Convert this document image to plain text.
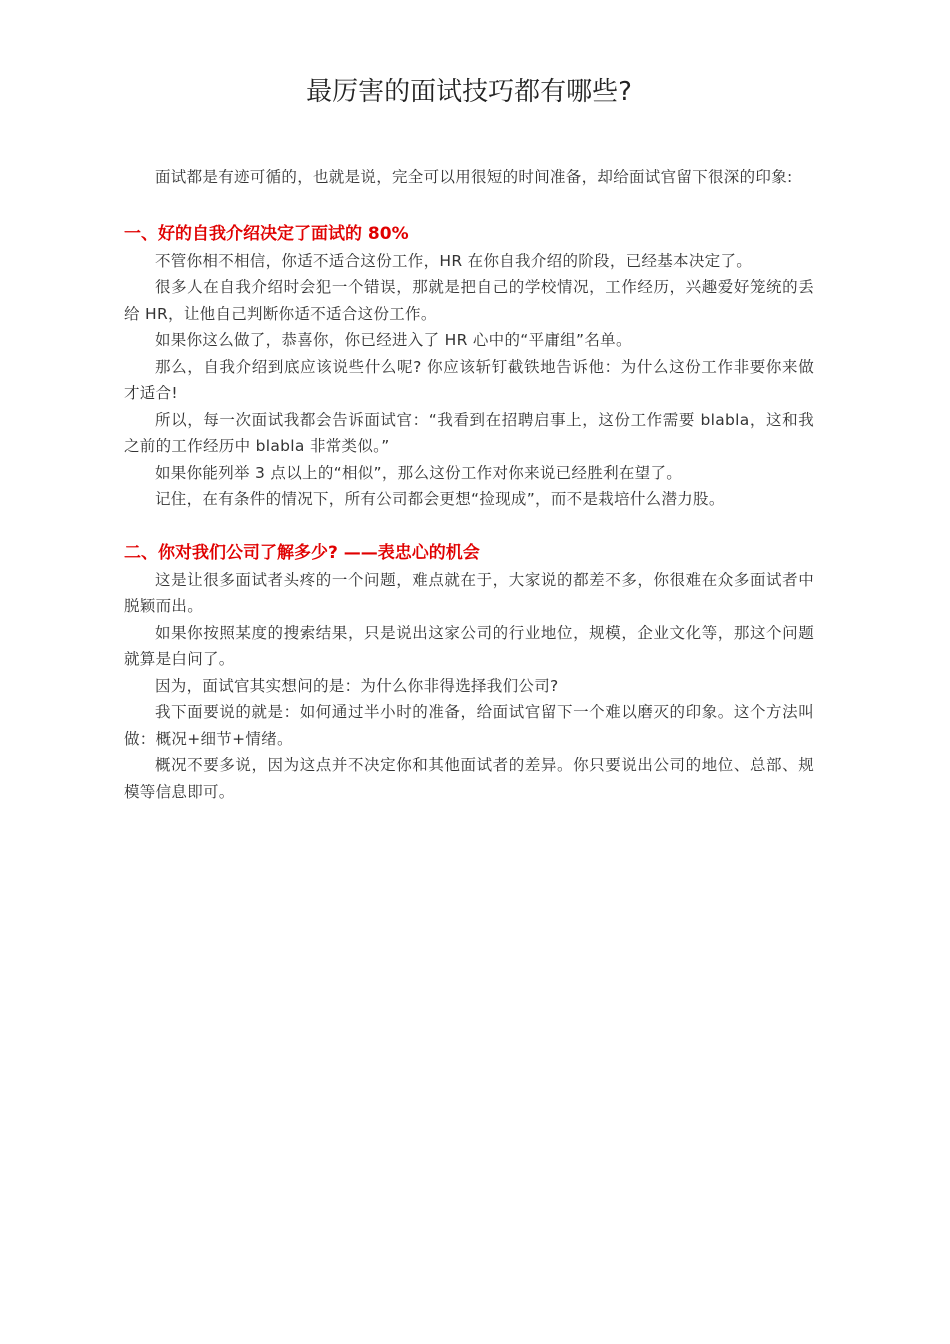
最厉害的面试技巧都有哪些?

面试都是有迹可循的，也就是说，完全可以用很短的时间准备，却给面试官留下很深的印象:

一、好的自我介绍决定了面试的 80%

不管你相不相信，你适不适合这份工作，HR 在你自我介绍的阶段，已经基本决定了。

很多人在自我介绍时会犯一个错误，那就是把自己的学校情况，工作经历，兴趣爱好笼统的丢给 HR，让他自己判断你适不适合这份工作。

如果你这么做了，恭喜你，你已经进入了 HR 心中的“平庸组”名单。

那么，自我介绍到底应该说些什么呢? 你应该斩钉截铁地告诉他：为什么这份工作非要你来做才适合!

所以，每一次面试我都会告诉面试官：“我看到在招聘启事上，这份工作需要 blabla，这和我之前的工作经历中 blabla 非常类似。”

如果你能列举 3 点以上的“相似”，那么这份工作对你来说已经胜利在望了。

记住，在有条件的情况下，所有公司都会更想“捡现成”，而不是栽培什么潜力股。

二、你对我们公司了解多少? ——表忠心的机会

这是让很多面试者头疼的一个问题，难点就在于，大家说的都差不多，你很难在众多面试者中脱颖而出。

如果你按照某度的搜索结果，只是说出这家公司的行业地位，规模，企业文化等，那这个问题就算是白问了。

因为，面试官其实想问的是：为什么你非得选择我们公司?

我下面要说的就是：如何通过半小时的准备，给面试官留下一个难以磨灭的印象。这个方法叫做：概况+细节+情绪。

概况不要多说，因为这点并不决定你和其他面试者的差异。你只要说出公司的地位、总部、规模等信息即可。
